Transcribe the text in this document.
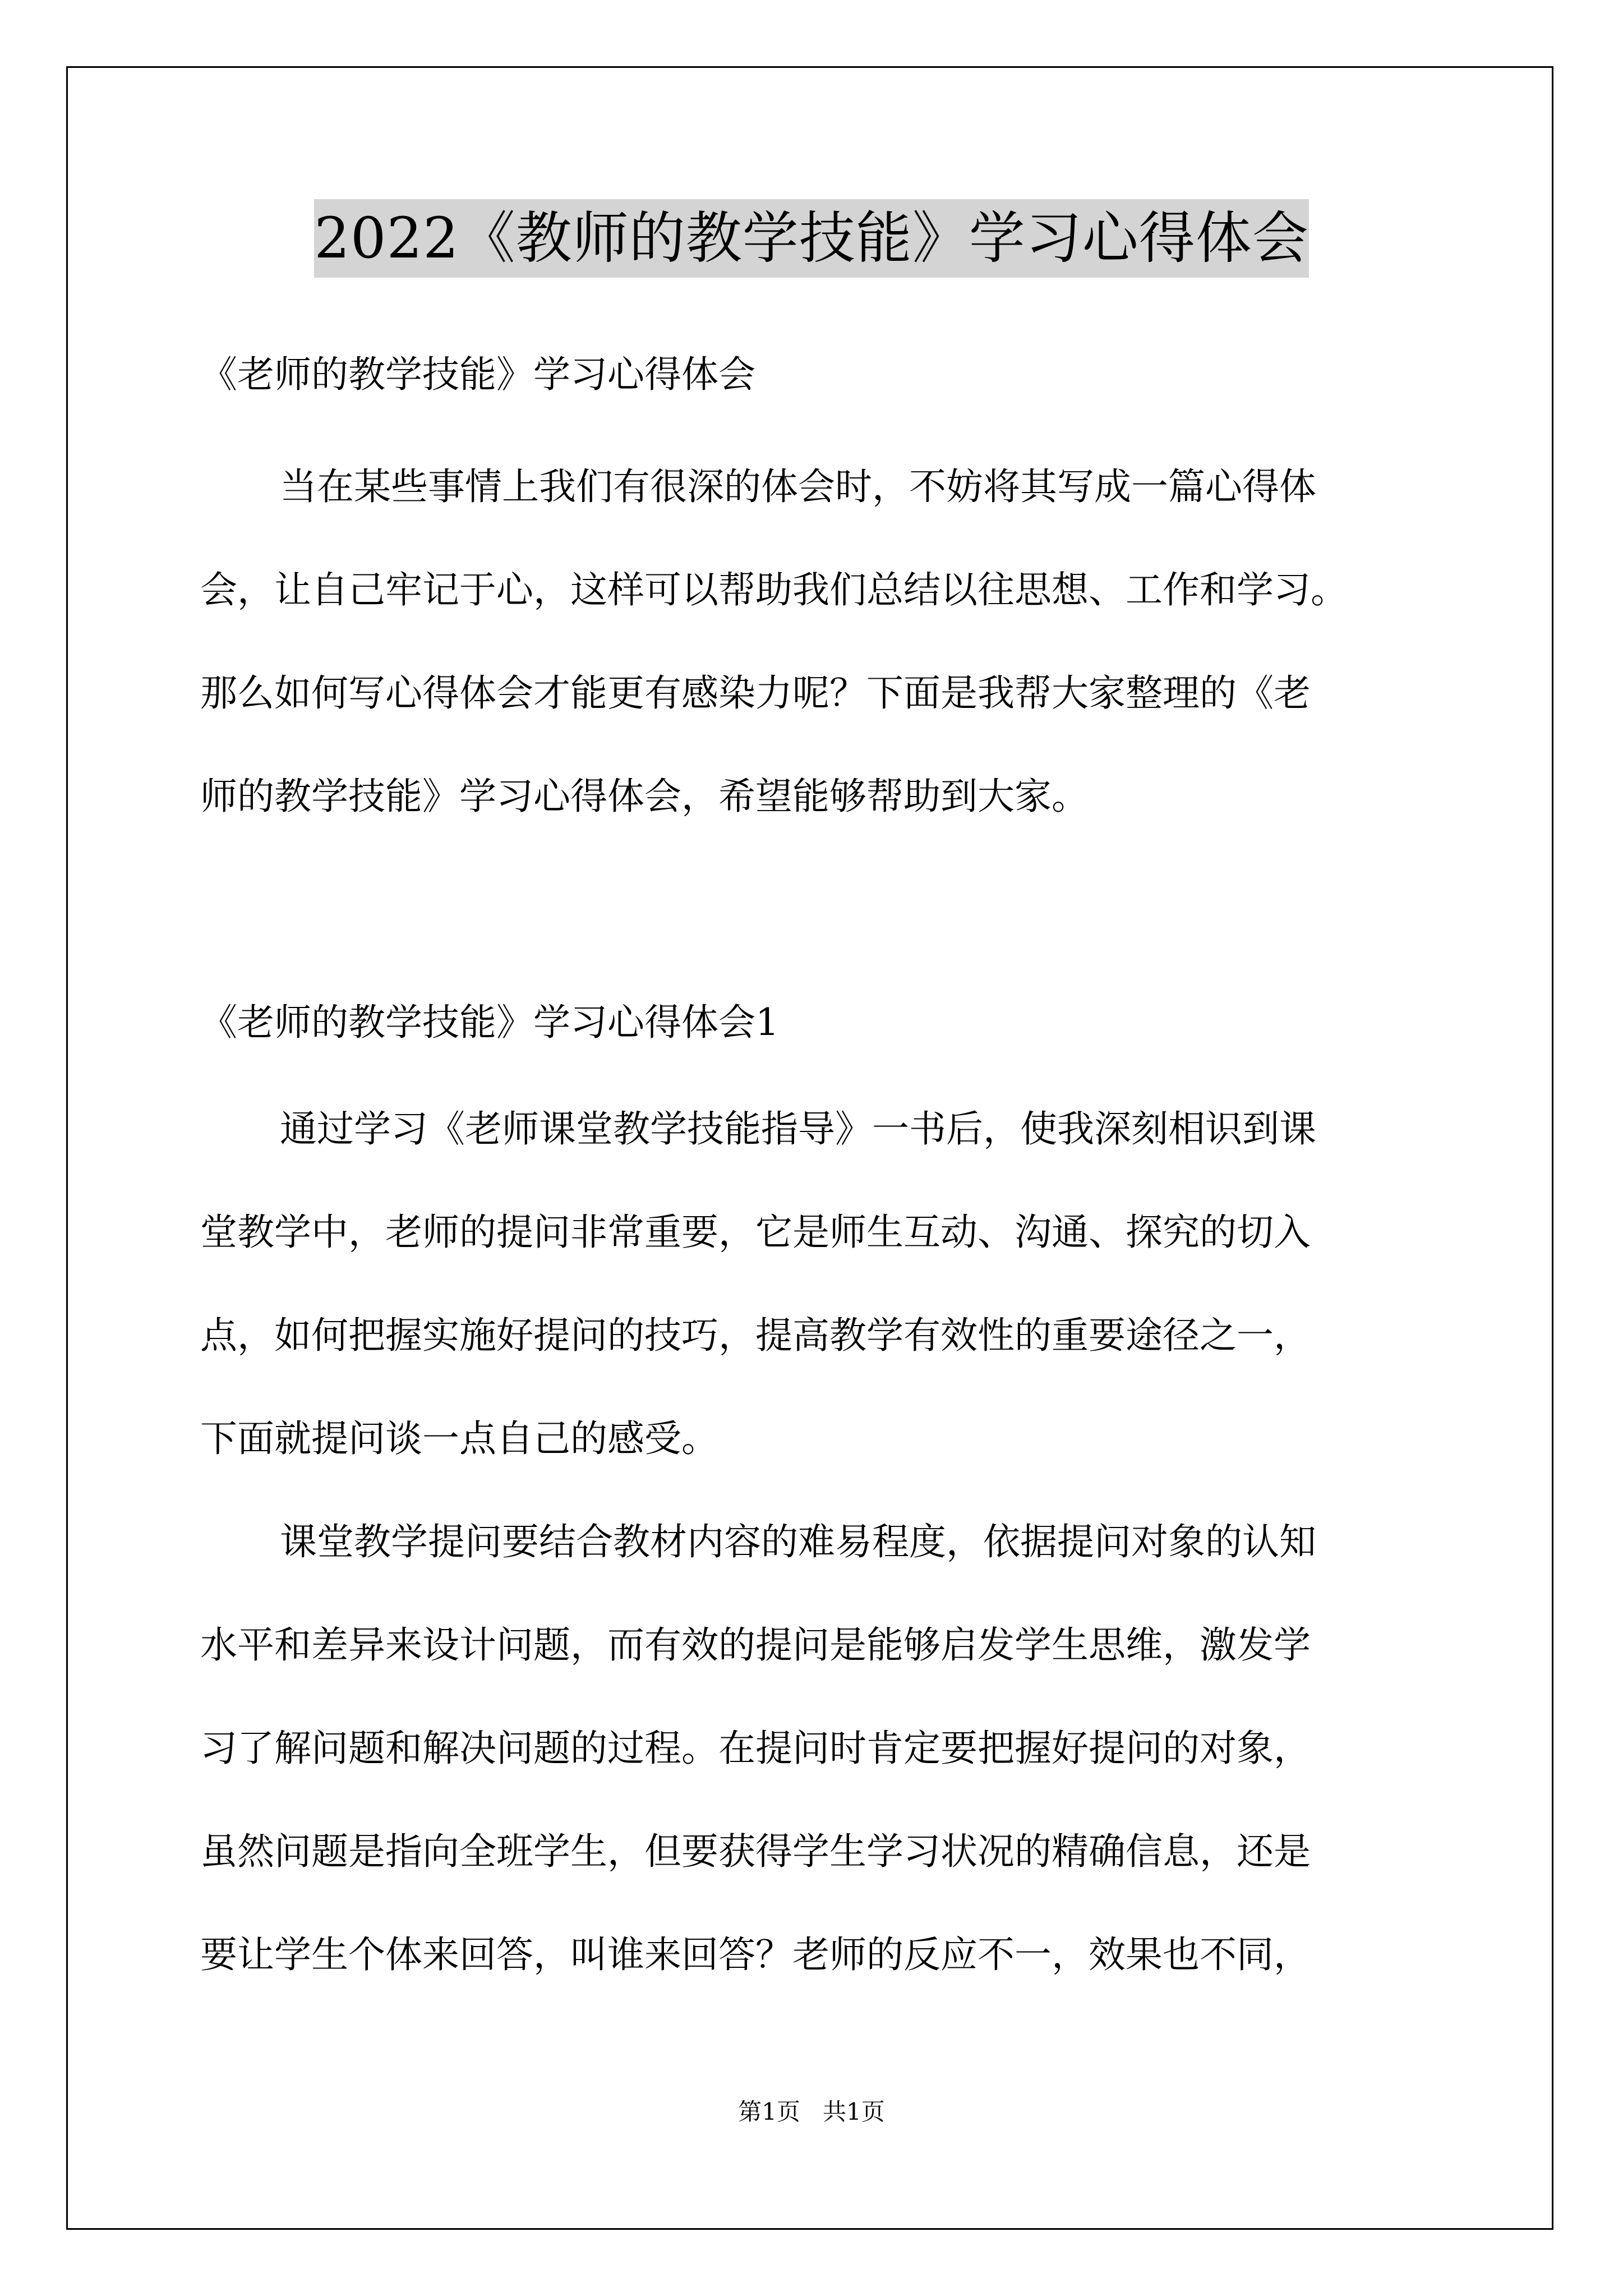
2022《教师的教学技能》学习心得体会
《老师的教学技能》学习心得体会
当在某些事情上我们有很深的体会时，不妨将其写成一篇心得体
会，让自己牢记于心，这样可以帮助我们总结以往思想、工作和学习。
那么如何写心得体会才能更有感染力呢？下面是我帮大家整理的《老
师的教学技能》学习心得体会，希望能够帮助到大家。
《老师的教学技能》学习心得体会1
通过学习《老师课堂教学技能指导》一书后，使我深刻相识到课
堂教学中，老师的提问非常重要，它是师生互动、沟通、探究的切入
点，如何把握实施好提问的技巧，提高教学有效性的重要途径之一，
下面就提问谈一点自己的感受。
课堂教学提问要结合教材内容的难易程度，依据提问对象的认知
水平和差异来设计问题，而有效的提问是能够启发学生思维，激发学
习了解问题和解决问题的过程。在提问时肯定要把握好提问的对象，
虽然问题是指向全班学生，但要获得学生学习状况的精确信息，还是
要让学生个体来回答，叫谁来回答？老师的反应不一，效果也不同，
第1页 共1页
